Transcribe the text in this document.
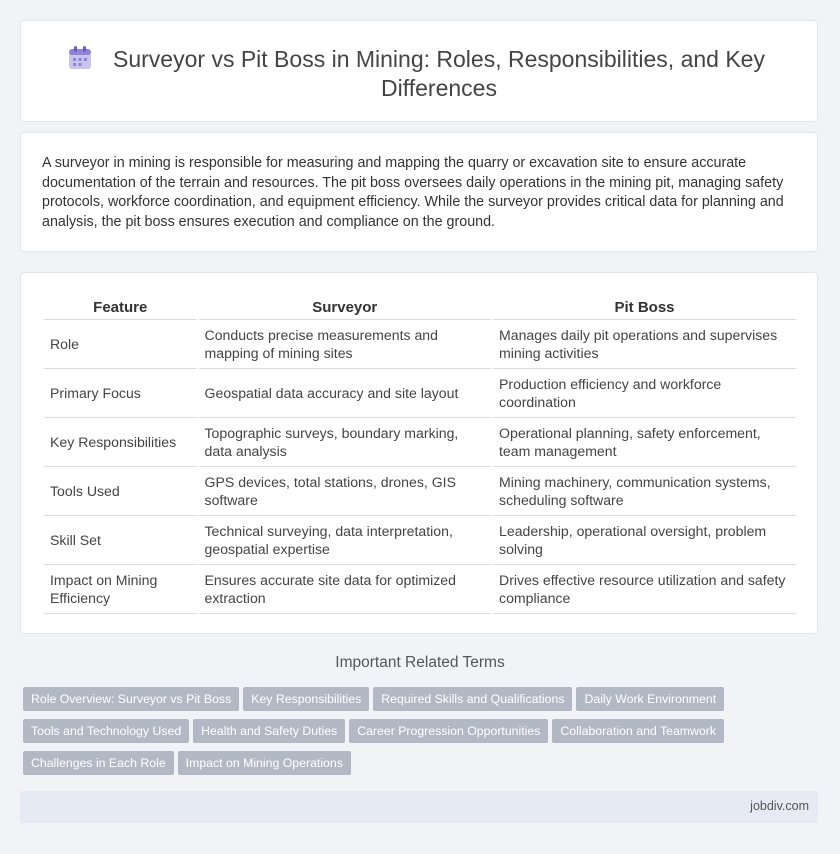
Surveyor vs Pit Boss in Mining: Roles, Responsibilities, and Key Differences
A surveyor in mining is responsible for measuring and mapping the quarry or excavation site to ensure accurate documentation of the terrain and resources. The pit boss oversees daily operations in the mining pit, managing safety protocols, workforce coordination, and equipment efficiency. While the surveyor provides critical data for planning and analysis, the pit boss ensures execution and compliance on the ground.
Feature	Surveyor	Pit Boss
Role	Conducts precise measurements and mapping of mining sites	Manages daily pit operations and supervises mining activities
Primary Focus	Geospatial data accuracy and site layout	Production efficiency and workforce coordination
Key Responsibilities	Topographic surveys, boundary marking, data analysis	Operational planning, safety enforcement, team management
Tools Used	GPS devices, total stations, drones, GIS software	Mining machinery, communication systems, scheduling software
Skill Set	Technical surveying, data interpretation, geospatial expertise	Leadership, operational oversight, problem solving
Impact on Mining Efficiency	Ensures accurate site data for optimized extraction	Drives effective resource utilization and safety compliance
Important Related Terms
Role Overview: Surveyor vs Pit Boss Key Responsibilities Required Skills and Qualifications Daily Work Environment
Tools and Technology Used Health and Safety Duties Career Progression Opportunities Collaboration and Teamwork
Challenges in Each Role Impact on Mining Operations
jobdiv.com
